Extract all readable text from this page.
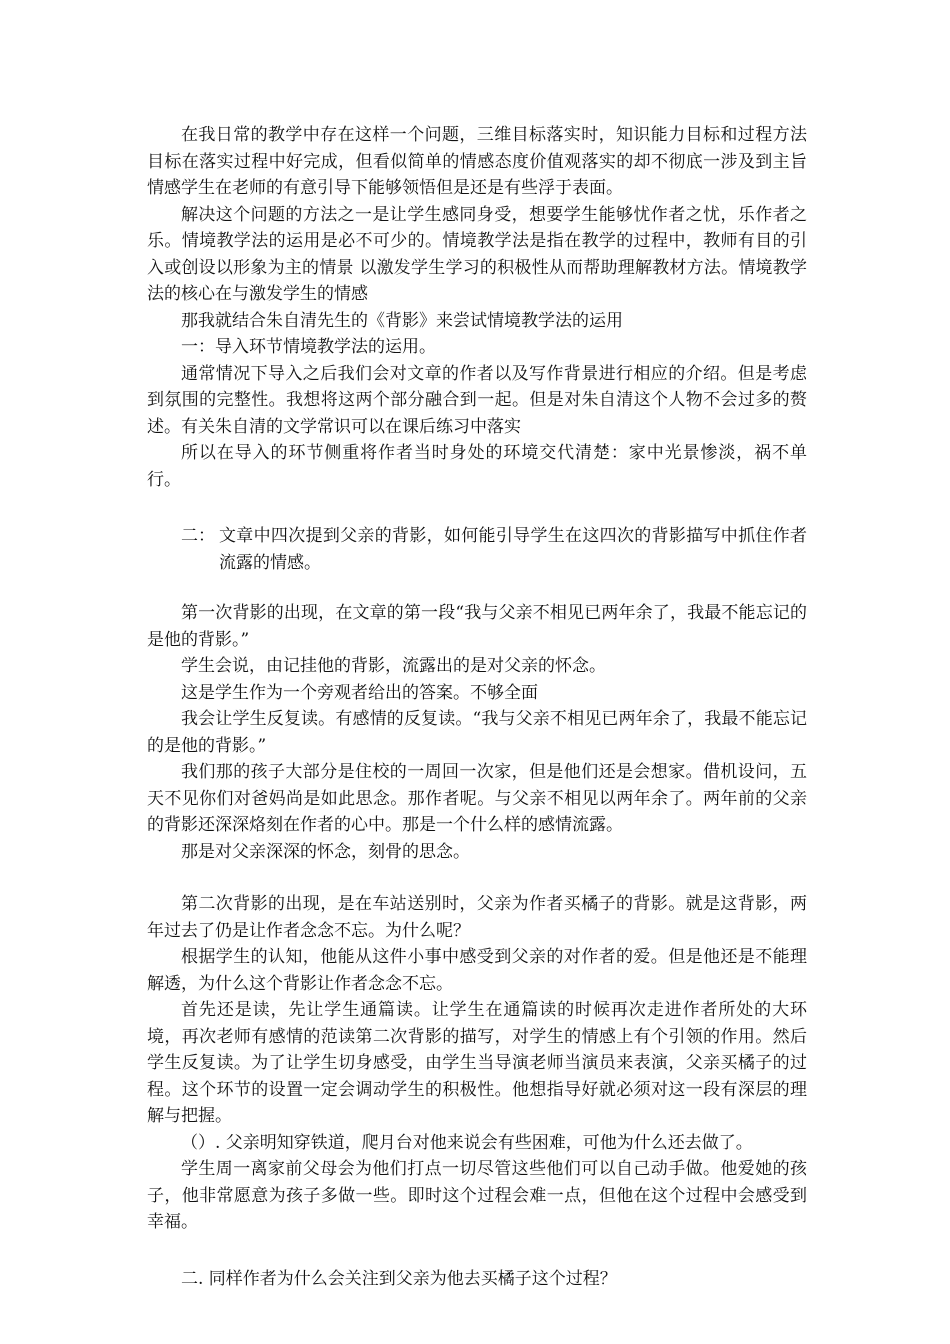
在我日常的教学中存在这样一个问题，三维目标落实时，知识能力目标和过程方法目标在落实过程中好完成，但看似简单的情感态度价值观落实的却不彻底一涉及到主旨情感学生在老师的有意引导下能够领悟但是还是有些浮于表面。

解决这个问题的方法之一是让学生感同身受，想要学生能够忧作者之忧，乐作者之乐。情境教学法的运用是必不可少的。情境教学法是指在教学的过程中，教师有目的引入或创设以形象为主的情景 以激发学生学习的积极性从而帮助理解教材方法。情境教学法的核心在与激发学生的情感

那我就结合朱自清先生的《背影》来尝试情境教学法的运用

一：导入环节情境教学法的运用。

通常情况下导入之后我们会对文章的作者以及写作背景进行相应的介绍。但是考虑到氛围的完整性。我想将这两个部分融合到一起。但是对朱自清这个人物不会过多的赘述。有关朱自清的文学常识可以在课后练习中落实

所以在导入的环节侧重将作者当时身处的环境交代清楚：家中光景惨淡，祸不单行。

二： 文章中四次提到父亲的背影，如何能引导学生在这四次的背影描写中抓住作者流露的情感。

第一次背影的出现，在文章的第一段“我与父亲不相见已两年余了，我最不能忘记的是他的背影。”

学生会说，由记挂他的背影，流露出的是对父亲的怀念。

这是学生作为一个旁观者给出的答案。不够全面

我会让学生反复读。有感情的反复读。“我与父亲不相见已两年余了，我最不能忘记的是他的背影。”

我们那的孩子大部分是住校的一周回一次家，但是他们还是会想家。借机设问，五天不见你们对爸妈尚是如此思念。那作者呢。与父亲不相见以两年余了。两年前的父亲的背影还深深烙刻在作者的心中。那是一个什么样的感情流露。

那是对父亲深深的怀念，刻骨的思念。

第二次背影的出现，是在车站送别时，父亲为作者买橘子的背影。就是这背影，两年过去了仍是让作者念念不忘。为什么呢？

根据学生的认知，他能从这件小事中感受到父亲的对作者的爱。但是他还是不能理解透，为什么这个背影让作者念念不忘。

首先还是读，先让学生通篇读。让学生在通篇读的时候再次走进作者所处的大环境，再次老师有感情的范读第二次背影的描写，对学生的情感上有个引领的作用。然后学生反复读。为了让学生切身感受，由学生当导演老师当演员来表演，父亲买橘子的过程。这个环节的设置一定会调动学生的积极性。他想指导好就必须对这一段有深层的理解与把握。

（）. 父亲明知穿铁道，爬月台对他来说会有些困难，可他为什么还去做了。

学生周一离家前父母会为他们打点一切尽管这些他们可以自己动手做。他爱她的孩子，他非常愿意为孩子多做一些。即时这个过程会难一点，但他在这个过程中会感受到幸福。

二. 同样作者为什么会关注到父亲为他去买橘子这个过程？
